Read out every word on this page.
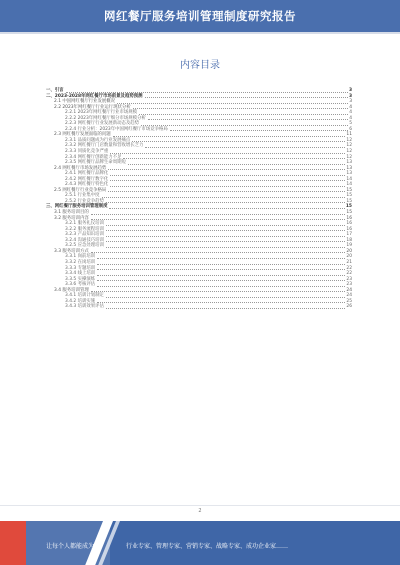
网红餐厅服务培训管理制度研究报告
内容目录
一、引言	3
二、2023-2028年网红餐厅市场前景及趋势预测	3
2.1 中国网红餐厅行业发展概况	3
2.2 2023年网红餐厅行业运行现状分析	4
2.2.1 2023年网红餐厅行业市场规模	4
2.2.2 2023年网红餐厅细分市场规模分析	4
2.2.3 网红餐厅行业发展新动态及趋势	5
2.2.4 行业分析：2023年中国网红餐厅市场竞争格局	6
2.3 网红餐厅发展面临的问题	11
2.3.1 品质问题成为行业发展痛点	12
2.3.2 网红餐厅门店数量和营收增长乏力	12
2.3.3 同质化竞争严重	12
2.3.4 网红餐厅创新能力不足	12
2.3.5 网红餐厅品牌生命周期短	13
2.4 网红餐厅市场发展趋势	13
2.4.1 网红餐厅品牌化	13
2.4.2 网红餐厅数字化	14
2.4.3 网红餐厅特色化	14
2.5 网红餐厅行业竞争格局	15
2.5.1 行业集中度	15
2.5.2 行业竞争趋势	15
三、网红餐厅服务培训管理制度	15
3.1 服务培训目的	15
3.2 服务培训内容	16
3.2.1 服务礼仪培训	16
3.2.2 服务流程培训	16
3.2.3 产品知识培训	17
3.2.4 沟通技巧培训	18
3.2.5 应急处理培训	19
3.3 服务培训方式	20
3.3.1 岗前培训	20
3.3.2 在岗培训	21
3.3.3 专题培训	22
3.3.4 线上培训	22
3.3.5 实操演练	23
3.3.6 考核评估	23
3.4 服务培训管理	24
3.4.1 培训计划制定	24
3.4.2 培训实施	25
3.4.3 培训效果评估	26
2
让每个人都能成为	行业专家、管理专家、营销专家、战略专家、成功企业家……
